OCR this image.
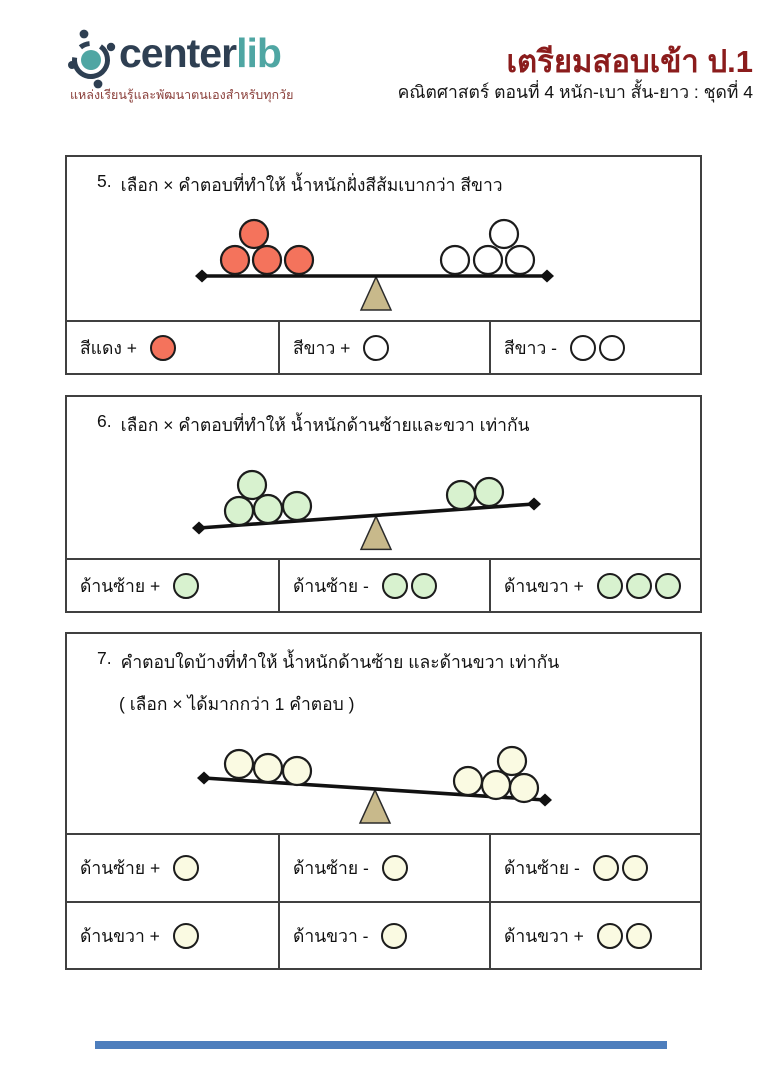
centerlib
แหล่งเรียนรู้และพัฒนาตนเองสำหรับทุกวัย
เตรียมสอบเข้า ป.1
คณิตศาสตร์ ตอนที่ 4 หนัก-เบา สั้น-ยาว : ชุดที่ 4
5. เลือก × คำตอบที่ทำให้ น้ำหนักฝั่งสีส้มเบากว่า สีขาว
สีแดง +	สีขาว +	สีขาว -
6. เลือก × คำตอบที่ทำให้ น้ำหนักด้านซ้ายและขวา เท่ากัน
ด้านซ้าย +	ด้านซ้าย -	ด้านขวา +
7. คำตอบใดบ้างที่ทำให้ น้ำหนักด้านซ้าย และด้านขวา เท่ากัน
( เลือก × ได้มากกว่า 1 คำตอบ )
ด้านซ้าย +	ด้านซ้าย -	ด้านซ้าย -
ด้านขวา +	ด้านขวา -	ด้านขวา +
